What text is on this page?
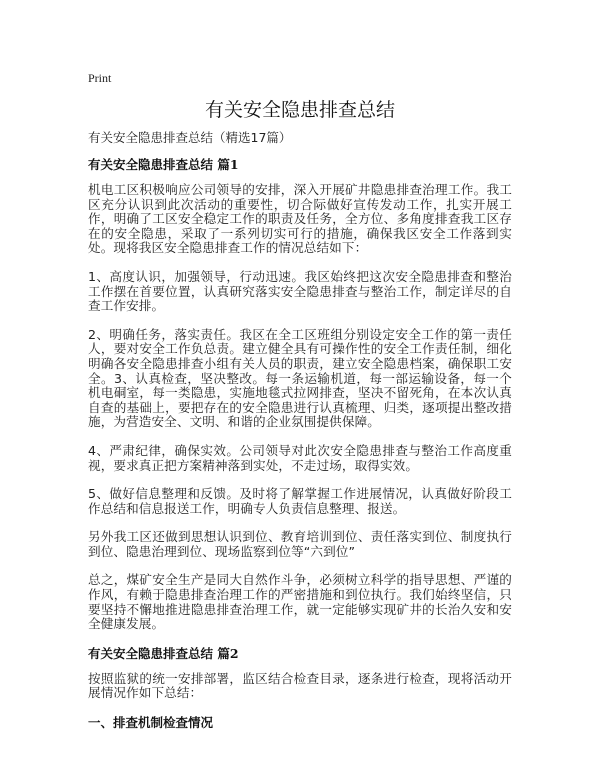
Print
有关安全隐患排查总结

有关安全隐患排查总结（精选17篇）

有关安全隐患排查总结 篇1

机电工区积极响应公司领导的安排，深入开展矿井隐患排查治理工作。我工区充分认识到此次活动的重要性，切合际做好宣传发动工作，扎实开展工作，明确了工区安全稳定工作的职责及任务，全方位、多角度排查我工区存在的安全隐患，采取了一系列切实可行的措施，确保我区安全工作落到实处。现将我区安全隐患排查工作的情况总结如下：

1、高度认识，加强领导，行动迅速。我区始终把这次安全隐患排查和整治工作摆在首要位置，认真研究落实安全隐患排查与整治工作，制定详尽的自查工作安排。

2、明确任务，落实责任。我区在全工区班组分别设定安全工作的第一责任人，要对安全工作负总责。建立健全具有可操作性的安全工作责任制，细化明确各安全隐患排查小组有关人员的职责，建立安全隐患档案，确保职工安全。3、认真检查，坚决整改。每一条运输机道，每一部运输设备，每一个机电硐室，每一类隐患，实施地毯式拉网排查，坚决不留死角，在本次认真自查的基础上，要把存在的安全隐患进行认真梳理、归类，逐项提出整改措施，为营造安全、文明、和谐的企业氛围提供保障。

4、严肃纪律，确保实效。公司领导对此次安全隐患排查与整治工作高度重视，要求真正把方案精神落到实处，不走过场，取得实效。

5、做好信息整理和反馈。及时将了解掌握工作进展情况，认真做好阶段工作总结和信息报送工作，明确专人负责信息整理、报送。

另外我工区还做到思想认识到位、教育培训到位、责任落实到位、制度执行到位、隐患治理到位、现场监察到位等“六到位”

总之，煤矿安全生产是同大自然作斗争，必须树立科学的指导思想、严谨的作风，有赖于隐患排查治理工作的严密措施和到位执行。我们始终坚信，只要坚持不懈地推进隐患排查治理工作，就一定能够实现矿井的长治久安和安全健康发展。

有关安全隐患排查总结 篇2

按照监狱的统一安排部署，监区结合检查目录，逐条进行检查，现将活动开展情况作如下总结：

一、排查机制检查情况
